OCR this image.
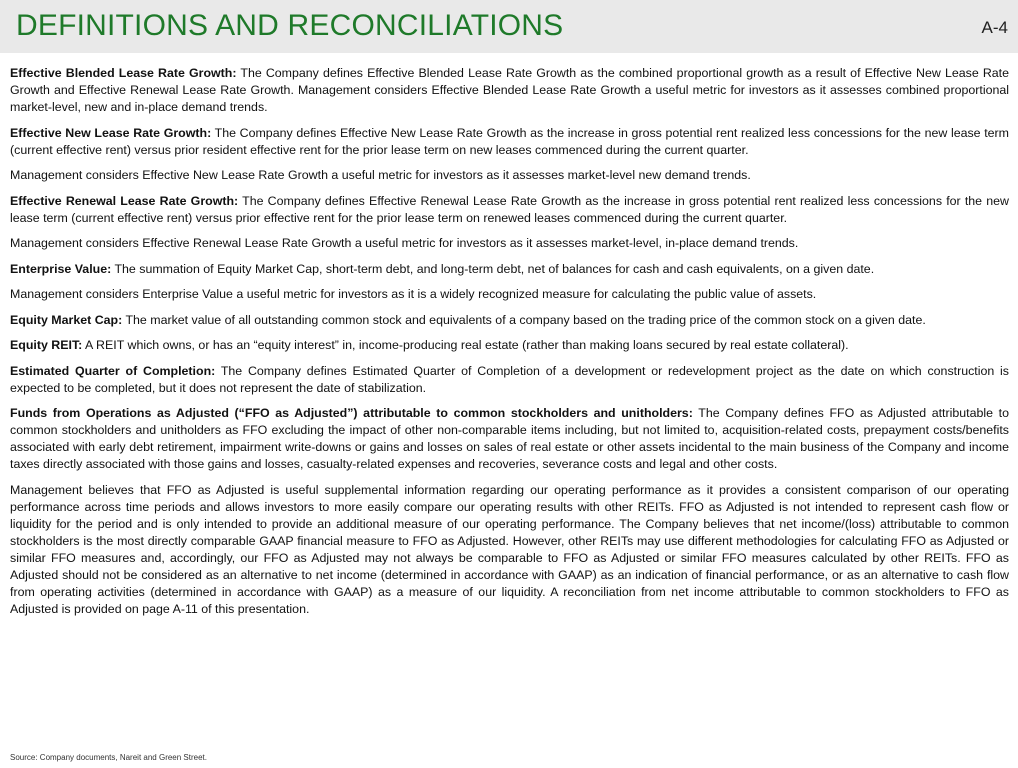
DEFINITIONS AND RECONCILIATIONS	A-4

Effective Blended Lease Rate Growth: The Company defines Effective Blended Lease Rate Growth as the combined proportional growth as a result of Effective New Lease Rate Growth and Effective Renewal Lease Rate Growth. Management considers Effective Blended Lease Rate Growth a useful metric for investors as it assesses combined proportional market-level, new and in-place demand trends.

Effective New Lease Rate Growth: The Company defines Effective New Lease Rate Growth as the increase in gross potential rent realized less concessions for the new lease term (current effective rent) versus prior resident effective rent for the prior lease term on new leases commenced during the current quarter.

Management considers Effective New Lease Rate Growth a useful metric for investors as it assesses market-level new demand trends.

Effective Renewal Lease Rate Growth: The Company defines Effective Renewal Lease Rate Growth as the increase in gross potential rent realized less concessions for the new lease term (current effective rent) versus prior effective rent for the prior lease term on renewed leases commenced during the current quarter.

Management considers Effective Renewal Lease Rate Growth a useful metric for investors as it assesses market-level, in-place demand trends.

Enterprise Value: The summation of Equity Market Cap, short-term debt, and long-term debt, net of balances for cash and cash equivalents, on a given date.

Management considers Enterprise Value a useful metric for investors as it is a widely recognized measure for calculating the public value of assets.

Equity Market Cap: The market value of all outstanding common stock and equivalents of a company based on the trading price of the common stock on a given date.

Equity REIT: A REIT which owns, or has an “equity interest” in, income-producing real estate (rather than making loans secured by real estate collateral).

Estimated Quarter of Completion: The Company defines Estimated Quarter of Completion of a development or redevelopment project as the date on which construction is expected to be completed, but it does not represent the date of stabilization.

Funds from Operations as Adjusted (“FFO as Adjusted”) attributable to common stockholders and unitholders: The Company defines FFO as Adjusted attributable to common stockholders and unitholders as FFO excluding the impact of other non-comparable items including, but not limited to, acquisition-related costs, prepayment costs/benefits associated with early debt retirement, impairment write-downs or gains and losses on sales of real estate or other assets incidental to the main business of the Company and income taxes directly associated with those gains and losses, casualty-related expenses and recoveries, severance costs and legal and other costs.

Management believes that FFO as Adjusted is useful supplemental information regarding our operating performance as it provides a consistent comparison of our operating performance across time periods and allows investors to more easily compare our operating results with other REITs. FFO as Adjusted is not intended to represent cash flow or liquidity for the period and is only intended to provide an additional measure of our operating performance. The Company believes that net income/(loss) attributable to common stockholders is the most directly comparable GAAP financial measure to FFO as Adjusted. However, other REITs may use different methodologies for calculating FFO as Adjusted or similar FFO measures and, accordingly, our FFO as Adjusted may not always be comparable to FFO as Adjusted or similar FFO measures calculated by other REITs. FFO as Adjusted should not be considered as an alternative to net income (determined in accordance with GAAP) as an indication of financial performance, or as an alternative to cash flow from operating activities (determined in accordance with GAAP) as a measure of our liquidity. A reconciliation from net income attributable to common stockholders to FFO as Adjusted is provided on page A-11 of this presentation.

Source: Company documents, Nareit and Green Street.
